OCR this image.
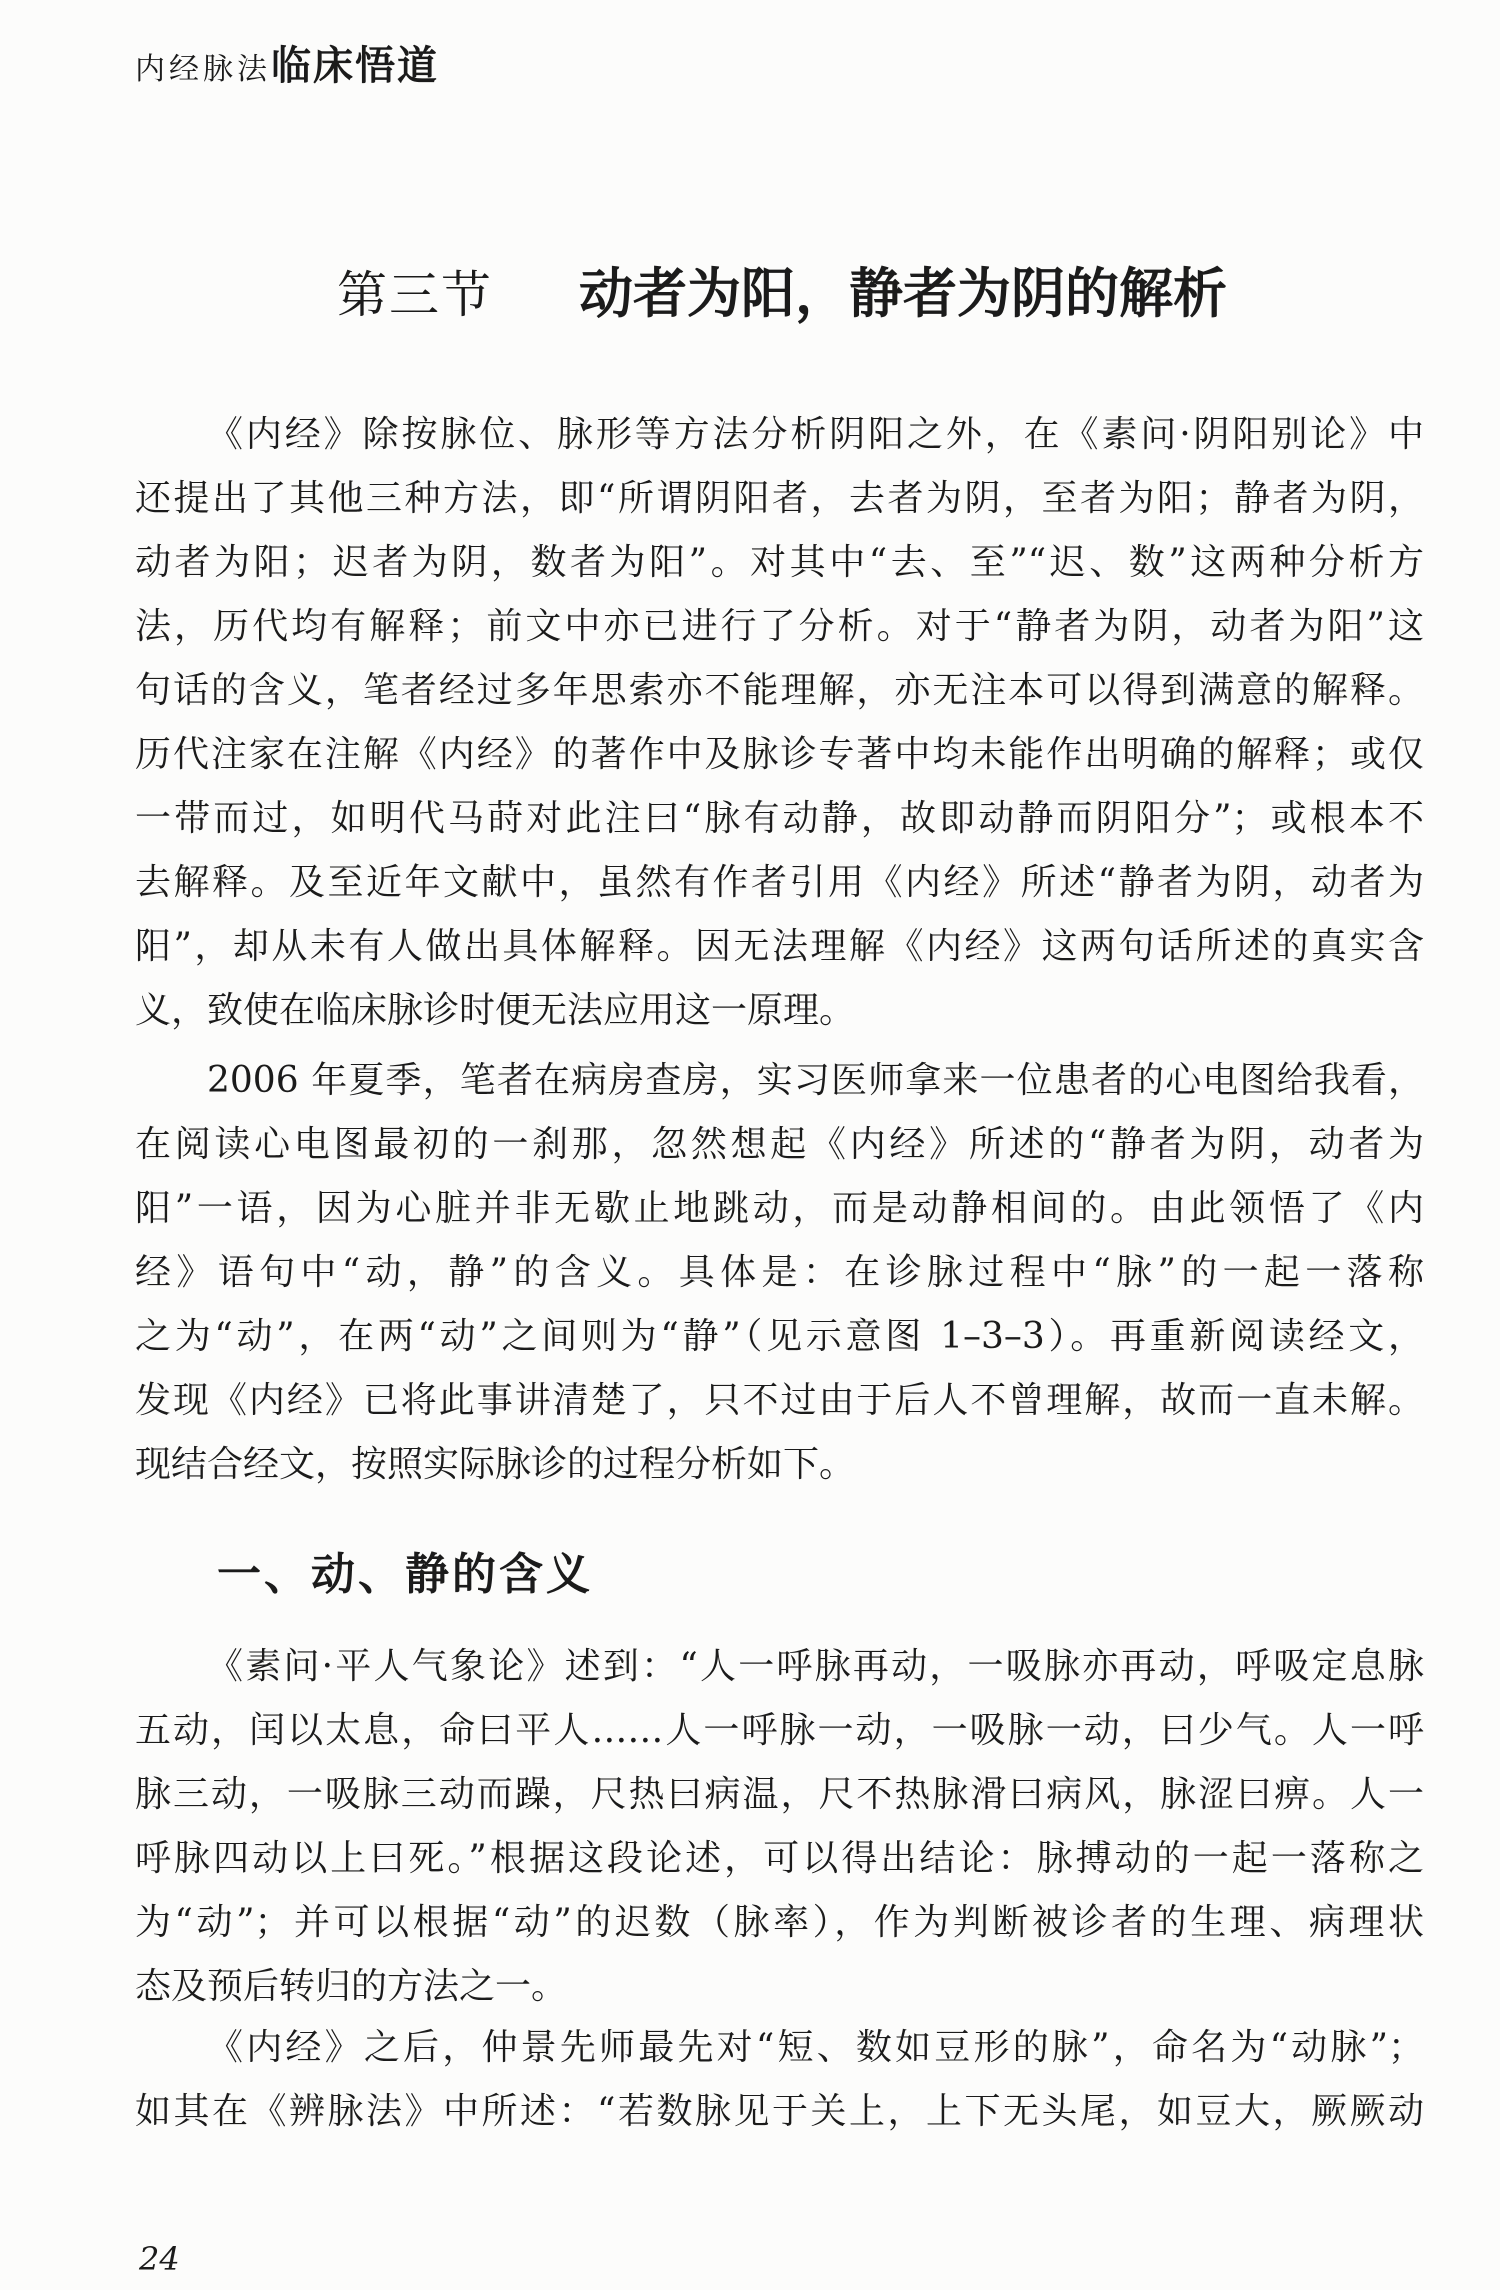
内经脉法临床悟道
第三节 动者为阳，静者为阴的解析
《内经》除按脉位、脉形等方法分析阴阳之外，在《素问·阴阳别论》中
还提出了其他三种方法，即“所谓阴阳者，去者为阴，至者为阳；静者为阴，
动者为阳；迟者为阴，数者为阳”。对其中“去、至”“迟、数”这两种分析方
法，历代均有解释；前文中亦已进行了分析。对于“静者为阴，动者为阳”这
句话的含义，笔者经过多年思索亦不能理解，亦无注本可以得到满意的解释。
历代注家在注解《内经》的著作中及脉诊专著中均未能作出明确的解释；或仅
一带而过，如明代马莳对此注曰“脉有动静，故即动静而阴阳分”；或根本不
去解释。及至近年文献中，虽然有作者引用《内经》所述“静者为阴，动者为
阳”，却从未有人做出具体解释。因无法理解《内经》这两句话所述的真实含
义，致使在临床脉诊时便无法应用这一原理。
2006 年夏季，笔者在病房查房，实习医师拿来一位患者的心电图给我看，
在阅读心电图最初的一刹那，忽然想起《内经》所述的“静者为阴，动者为
阳”一语，因为心脏并非无歇止地跳动，而是动静相间的。由此领悟了《内
经》语句中“动，静”的含义。具体是：在诊脉过程中“脉”的一起一落称
之为“动”，在两“动”之间则为“静”（见示意图 1–3–3）。再重新阅读经文，
发现《内经》已将此事讲清楚了，只不过由于后人不曾理解，故而一直未解。
现结合经文，按照实际脉诊的过程分析如下。
一、动、静的含义
《素问·平人气象论》述到：“人一呼脉再动，一吸脉亦再动，呼吸定息脉
五动，闰以太息，命曰平人……人一呼脉一动，一吸脉一动，曰少气。人一呼
脉三动，一吸脉三动而躁，尺热曰病温，尺不热脉滑曰病风，脉涩曰痹。人一
呼脉四动以上曰死。”根据这段论述，可以得出结论：脉搏动的一起一落称之
为“动”；并可以根据“动”的迟数（脉率），作为判断被诊者的生理、病理状
态及预后转归的方法之一。
《内经》之后，仲景先师最先对“短、数如豆形的脉”，命名为“动脉”；
如其在《辨脉法》中所述：“若数脉见于关上，上下无头尾，如豆大，厥厥动
24
